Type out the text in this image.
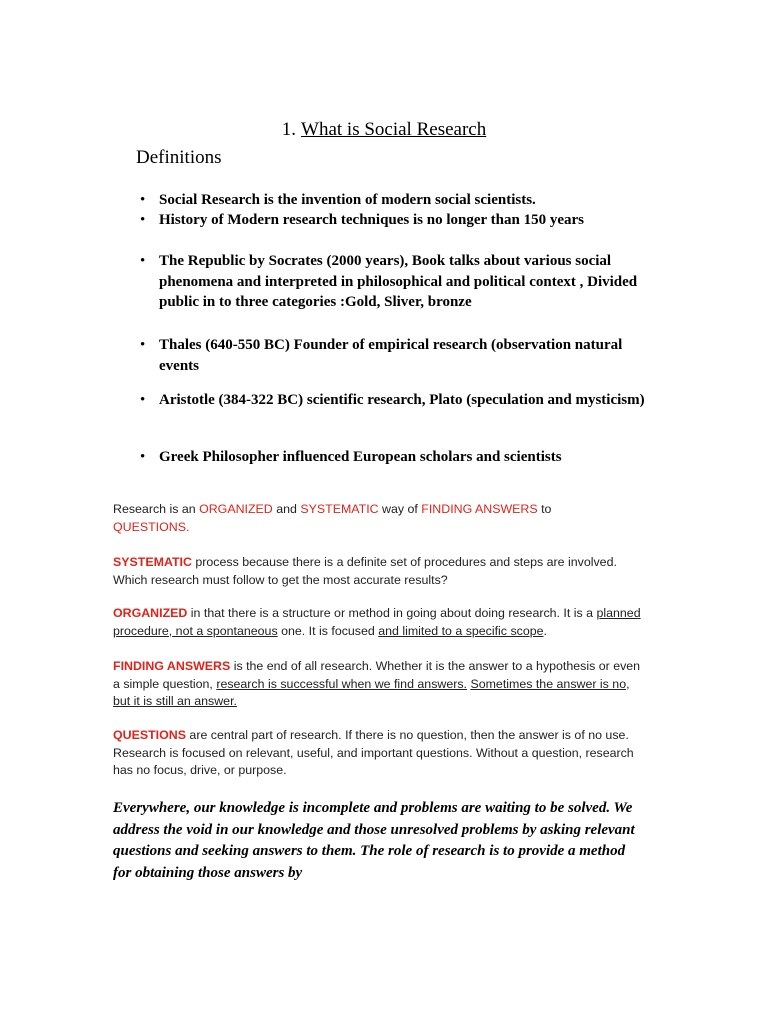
1. What is Social Research
Definitions
• Social Research is the invention of modern social scientists.
• History of Modern research techniques is no longer than 150 years
• The Republic by Socrates (2000 years), Book talks about various social phenomena and interpreted in philosophical and political context , Divided public in to three categories :Gold, Sliver, bronze
• Thales (640-550 BC) Founder of empirical research (observation natural events
• Aristotle (384-322 BC) scientific research, Plato (speculation and mysticism)
• Greek Philosopher influenced European scholars and scientists

Research is an ORGANIZED and SYSTEMATIC way of FINDING ANSWERS to QUESTIONS.

SYSTEMATIC process because there is a definite set of procedures and steps are involved. Which research must follow to get the most accurate results?

ORGANIZED in that there is a structure or method in going about doing research. It is a planned procedure, not a spontaneous one. It is focused and limited to a specific scope.

FINDING ANSWERS is the end of all research. Whether it is the answer to a hypothesis or even a simple question, research is successful when we find answers. Sometimes the answer is no, but it is still an answer.

QUESTIONS are central part of research. If there is no question, then the answer is of no use. Research is focused on relevant, useful, and important questions. Without a question, research has no focus, drive, or purpose.

Everywhere, our knowledge is incomplete and problems are waiting to be solved. We address the void in our knowledge and those unresolved problems by asking relevant questions and seeking answers to them. The role of research is to provide a method for obtaining those answers by
